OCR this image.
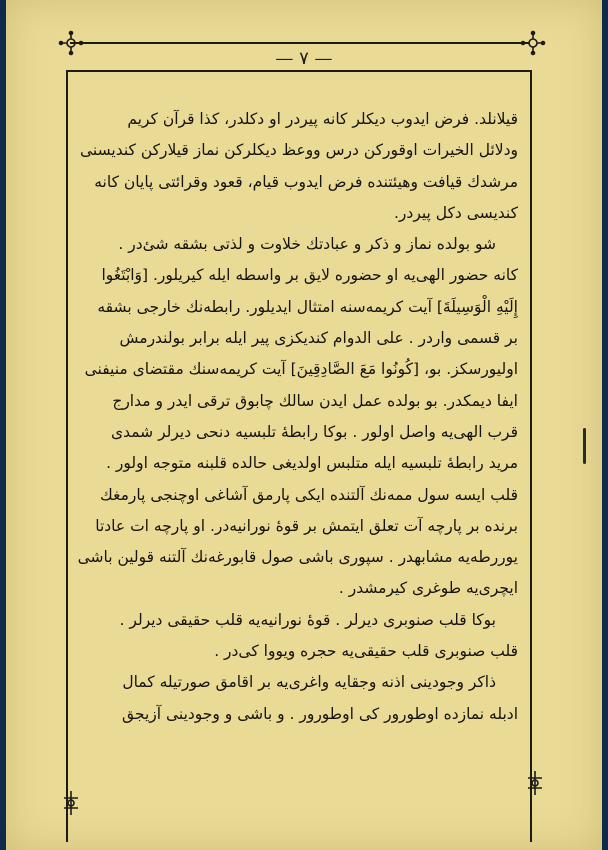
— ٧ —
قيلانلد. فرض ايدوب ديكلر كا‌نه پيردر او دكلدر، كذا قرآن كريم
ودلائل الخيرات اوقوركن درس ووعظ ديكلركن نماز قيلاركن كنديسنى
مرشدك قيافت وهيئتنده فرض ايدوب قيام، قعود وقرائتى پايان كا‌نه
كنديسى دكل پيردر.
شو بولده نماز و ذكر و عبادتك خلاوت و لذتى بشقه شئ‌در .
كا‌نه حضور الهى‌يه او حضوره لايق بر واسطه ايله كيريلور. [وَابْتَغُوا
إِلَيْهِ الْوَسِيلَةَ] آيت كريمه‌سنه امتثال ايديلور. رابطه‌نك خارجى بشقه
بر قسمى واردر . على الدوام كنديكزى پير ايله برابر بولندرمش
اوليورسكز. بو، [كُونُوا مَعَ الصَّادِقِينَ] آيت كريمه‌سنك مقتضاى منيفنى
ايفا ديمكدر. بو بولده عمل ايدن سالك چابوق ترقى ايدر و مدارج
قرب الهى‌يه واصل اولور . بوكا رابطهٔ تلبسيه دنحى ديرلر شمدى
مريد رابطهٔ تلبسيه ايله متلبس اولديغى حالده قلبنه متوجه اولور .
قلب ايسه سول ممه‌نك آلتنده ايكى پارمق آشاغى اوچنجى پارمغك
برنده بر پارچه آت تعلق ايتمش بر قوهٔ نورانيه‌در. او پارچه ات عادتا
يوررطه‌يه مشابهدر . سپورى باشى صول قابورغه‌نك آلتنه قولين باشى
ايچرى‌يه طوغرى كيرمشدر .
بوكا قلب صنوبرى ديرلر . قوهٔ نورانيه‌يه قلب حقيقى ديرلر .
قلب صنوبرى قلب حقيقى‌يه حجره ويووا كى‌در .
ذاكر وجودينى اذنه وجقايه واغرى‌يه بر اقامق صورتيله كمال
ادبله نمازده اوطورور كى اوطورور . و باشى و وجودينى آزيجق
